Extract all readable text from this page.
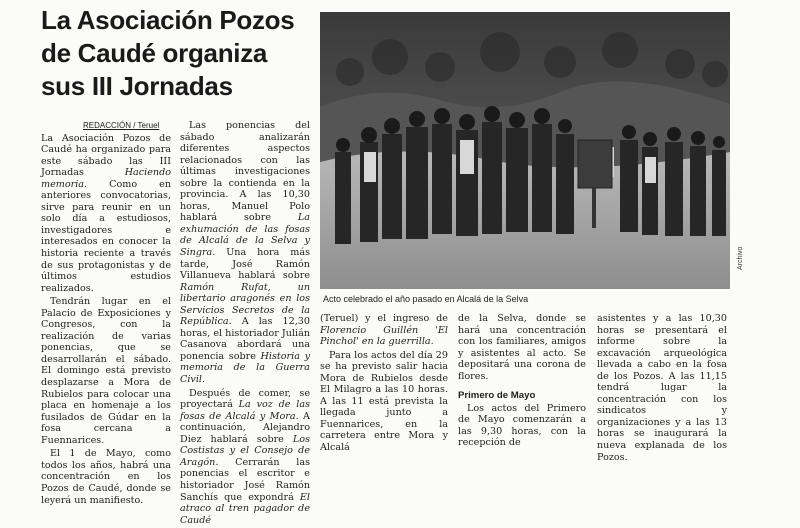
La Asociación Pozos
de Caudé organiza
sus III Jornadas
REDACCIÓN / Teruel

La Asociación Pozos de Caudé ha organizado para este sábado las III Jornadas Haciendo memoria. Como en anteriores convocatorias, sirve para reunir en un solo día a estudiosos, investigadores e interesados en conocer la historia reciente a través de sus protagonistas y de últimos estudios realizados.

Tendrán lugar en el Palacio de Exposiciones y Congresos, con la realización de varias ponencias, que se desarrollarán el sábado. El domingo está previsto desplazarse a Mora de Rubielos para colocar una placa en homenaje a los fusilados de Gúdar en la fosa cercana a Fuennarices.

El 1 de Mayo, como todos los años, habrá una concentración en los Pozos de Caudé, donde se leyerá un manifiesto.

Las ponencias del sábado analizarán diferentes aspectos relacionados con las últimas investigaciones sobre la contienda en la provincia. A las 10,30 horas, Manuel Polo hablará sobre La exhumación de las fosas de Alcalá de la Selva y Singra. Una hora más tarde, José Ramón Villanueva hablará sobre Ramón Rufat, un libertario aragonés en los Servicios Secretos de la República. A las 12,30 horas, el historiador Julián Casanova abordará una ponencia sobre Historia y memoria de la Guerra Civil.

Después de comer, se proyectará La voz de las fosas de Alcalá y Mora. A continuación, Alejandro Diez hablará sobre Los Costistas y el Consejo de Aragón. Cerrarán las ponencias el escritor e historiador José Ramón Sanchís que expondrá El atraco al tren pagador de Caudé

Archivo
Acto celebrado el año pasado en Alcalá de la Selva

(Teruel) y el ingreso de Florencio Guillén 'El Pinchol' en la guerrilla.

Para los actos del día 29 se ha previsto salir hacia Mora de Rubielos desde El Milagro a las 10 horas. A las 11 está prevista la llegada junto a Fuennarices, en la carretera entre Mora y Alcalá

de la Selva, donde se hará una concentración con los familiares, amigos y asistentes al acto. Se depositará una corona de flores.

Primero de Mayo

Los actos del Primero de Mayo comenzarán a las 9,30 horas, con la recepción de

asistentes y a las 10,30 horas se presentará el informe sobre la excavación arqueológica llevada a cabo en la fosa de los Pozos. A las 11,15 tendrá lugar la concentración con los sindicatos y organizaciones y a las 13 horas se inaugurará la nueva explanada de los Pozos.
